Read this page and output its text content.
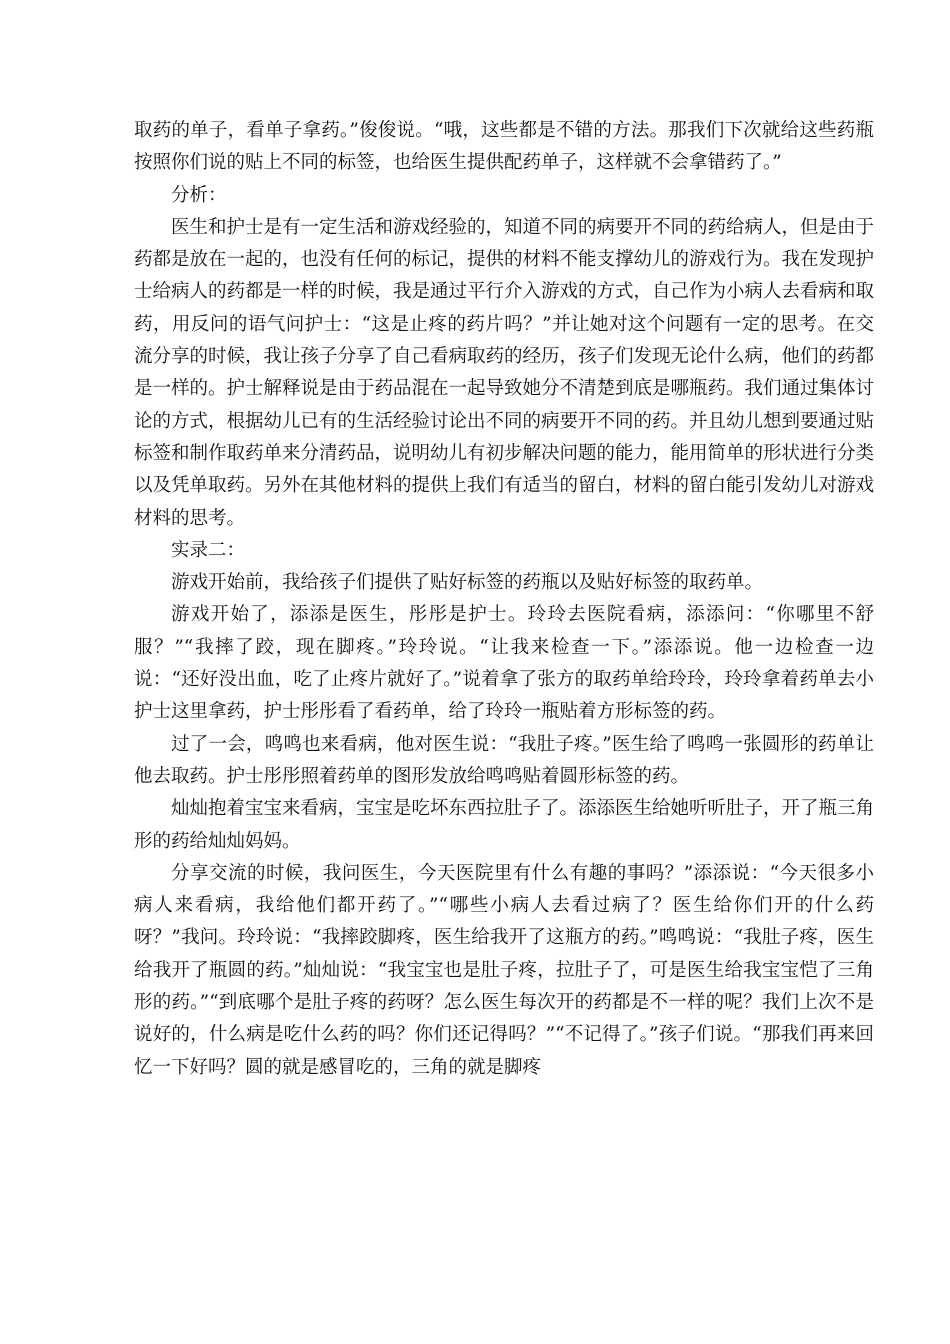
取药的单子，看单子拿药。”俊俊说。“哦，这些都是不错的方法。那我们下次就给这些药瓶按照你们说的贴上不同的标签，也给医生提供配药单子，这样就不会拿错药了。”

分析：

医生和护士是有一定生活和游戏经验的，知道不同的病要开不同的药给病人，但是由于药都是放在一起的，也没有任何的标记，提供的材料不能支撑幼儿的游戏行为。我在发现护士给病人的药都是一样的时候，我是通过平行介入游戏的方式，自己作为小病人去看病和取药，用反问的语气问护士：“这是止疼的药片吗？”并让她对这个问题有一定的思考。在交流分享的时候，我让孩子分享了自己看病取药的经历，孩子们发现无论什么病，他们的药都是一样的。护士解释说是由于药品混在一起导致她分不清楚到底是哪瓶药。我们通过集体讨论的方式，根据幼儿已有的生活经验讨论出不同的病要开不同的药。并且幼儿想到要通过贴标签和制作取药单来分清药品，说明幼儿有初步解决问题的能力，能用简单的形状进行分类以及凭单取药。另外在其他材料的提供上我们有适当的留白，材料的留白能引发幼儿对游戏材料的思考。

实录二：

游戏开始前，我给孩子们提供了贴好标签的药瓶以及贴好标签的取药单。

游戏开始了，添添是医生，彤彤是护士。玲玲去医院看病，添添问：“你哪里不舒服？”“我摔了跤，现在脚疼。”玲玲说。“让我来检查一下。”添添说。他一边检查一边说：“还好没出血，吃了止疼片就好了。”说着拿了张方的取药单给玲玲，玲玲拿着药单去小护士这里拿药，护士彤彤看了看药单，给了玲玲一瓶贴着方形标签的药。

过了一会，鸣鸣也来看病，他对医生说：“我肚子疼。”医生给了鸣鸣一张圆形的药单让他去取药。护士彤彤照着药单的图形发放给鸣鸣贴着圆形标签的药。

灿灿抱着宝宝来看病，宝宝是吃坏东西拉肚子了。添添医生给她听听肚子，开了瓶三角形的药给灿灿妈妈。

分享交流的时候，我问医生，今天医院里有什么有趣的事吗？”添添说：“今天很多小病人来看病，我给他们都开药了。”“哪些小病人去看过病了？医生给你们开的什么药呀？”我问。玲玲说：“我摔跤脚疼，医生给我开了这瓶方的药。”鸣鸣说：“我肚子疼，医生给我开了瓶圆的药。”灿灿说：“我宝宝也是肚子疼，拉肚子了，可是医生给我宝宝恺了三角形的药。”“到底哪个是肚子疼的药呀？怎么医生每次开的药都是不一样的呢？我们上次不是说好的，什么病是吃什么药的吗？你们还记得吗？”“不记得了。”孩子们说。“那我们再来回忆一下好吗？圆的就是感冒吃的，三角的就是脚疼
